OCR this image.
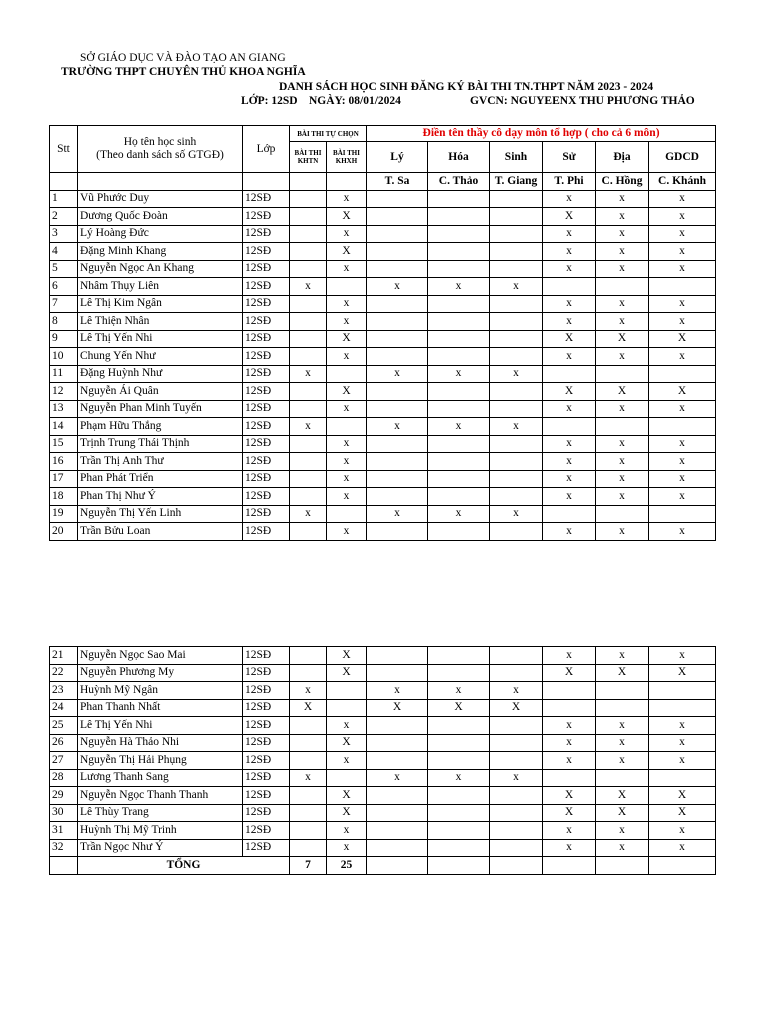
SỞ GIÁO DỤC VÀ ĐÀO TẠO AN GIANG
TRƯỜNG THPT CHUYÊN THỦ KHOA NGHĨA
DANH SÁCH HỌC SINH ĐĂNG KÝ BÀI THI TN.THPT NĂM 2023 - 2024
LỚP: 12SD NGÀY: 08/01/2024	GVCN: NGUYEENX THU PHƯƠNG THẢO
Stt	Họ tên học sinh
(Theo danh sách số GTGĐ)	Lớp	BÀI THI TỰ CHỌN		Điền tên thầy cô dạy môn tổ hợp ( cho cả 6 môn)					
			BÀI THI KHTN	BÀI THI KHXH	Lý	Hóa	Sinh	Sử	Địa	GDCD
					T. Sa	C. Thảo	T. Giang	T. Phi	C. Hồng	C. Khánh
1	Vũ Phước Duy	12SĐ		x				x	x	x
2	Dương Quốc Đoàn	12SĐ		X				X	x	x
3	Lý Hoàng Đức	12SĐ		x				x	x	x
4	Đặng Minh Khang	12SĐ		X				x	x	x
5	Nguyễn Ngọc An Khang	12SĐ		x				x	x	x
6	Nhâm Thụy Liên	12SĐ	x		x	x	x			
7	Lê Thị Kim Ngân	12SĐ		x				x	x	x
8	Lê Thiện Nhân	12SĐ		x				x	x	x
9	Lê Thị Yến Nhi	12SĐ		X				X	X	X
10	Chung Yến Như	12SĐ		x				x	x	x
11	Đặng Huỳnh Như	12SĐ	x		x	x	x			
12	Nguyễn Ái Quân	12SĐ		X				X	X	X
13	Nguyễn Phan Minh Tuyến	12SĐ		x				x	x	x
14	Phạm Hữu Thắng	12SĐ	x		x	x	x			
15	Trịnh Trung Thái Thịnh	12SĐ		x				x	x	x
16	Trần Thị Anh Thư	12SĐ		x				x	x	x
17	Phan Phát Triển	12SĐ		x				x	x	x
18	Phan Thị Như Ý	12SĐ		x				x	x	x
19	Nguyễn Thị Yến Linh	12SĐ	x		x	x	x			
20	Trần Bửu Loan	12SĐ		x				x	x	x
21	Nguyễn Ngọc Sao Mai	12SĐ		X				x	x	x
22	Nguyễn Phương My	12SĐ		X				X	X	X
23	Huỳnh Mỹ Ngân	12SĐ	x		x	x	x			
24	Phan Thanh Nhất	12SĐ	X		X	X	X			
25	Lê Thị Yến Nhi	12SĐ		x				x	x	x
26	Nguyễn Hà Thảo Nhi	12SĐ		X				x	x	x
27	Nguyễn Thị Hải Phụng	12SĐ		x				x	x	x
28	Lương Thanh Sang	12SĐ	x		x	x	x			
29	Nguyễn Ngọc Thanh Thanh	12SĐ		X				X	X	X
30	Lê Thùy Trang	12SĐ		X				X	X	X
31	Huỳnh Thị Mỹ Trinh	12SĐ		x				x	x	x
32	Trần Ngọc Như Ý	12SĐ		x				x	x	x
	TỔNG		7	25						
